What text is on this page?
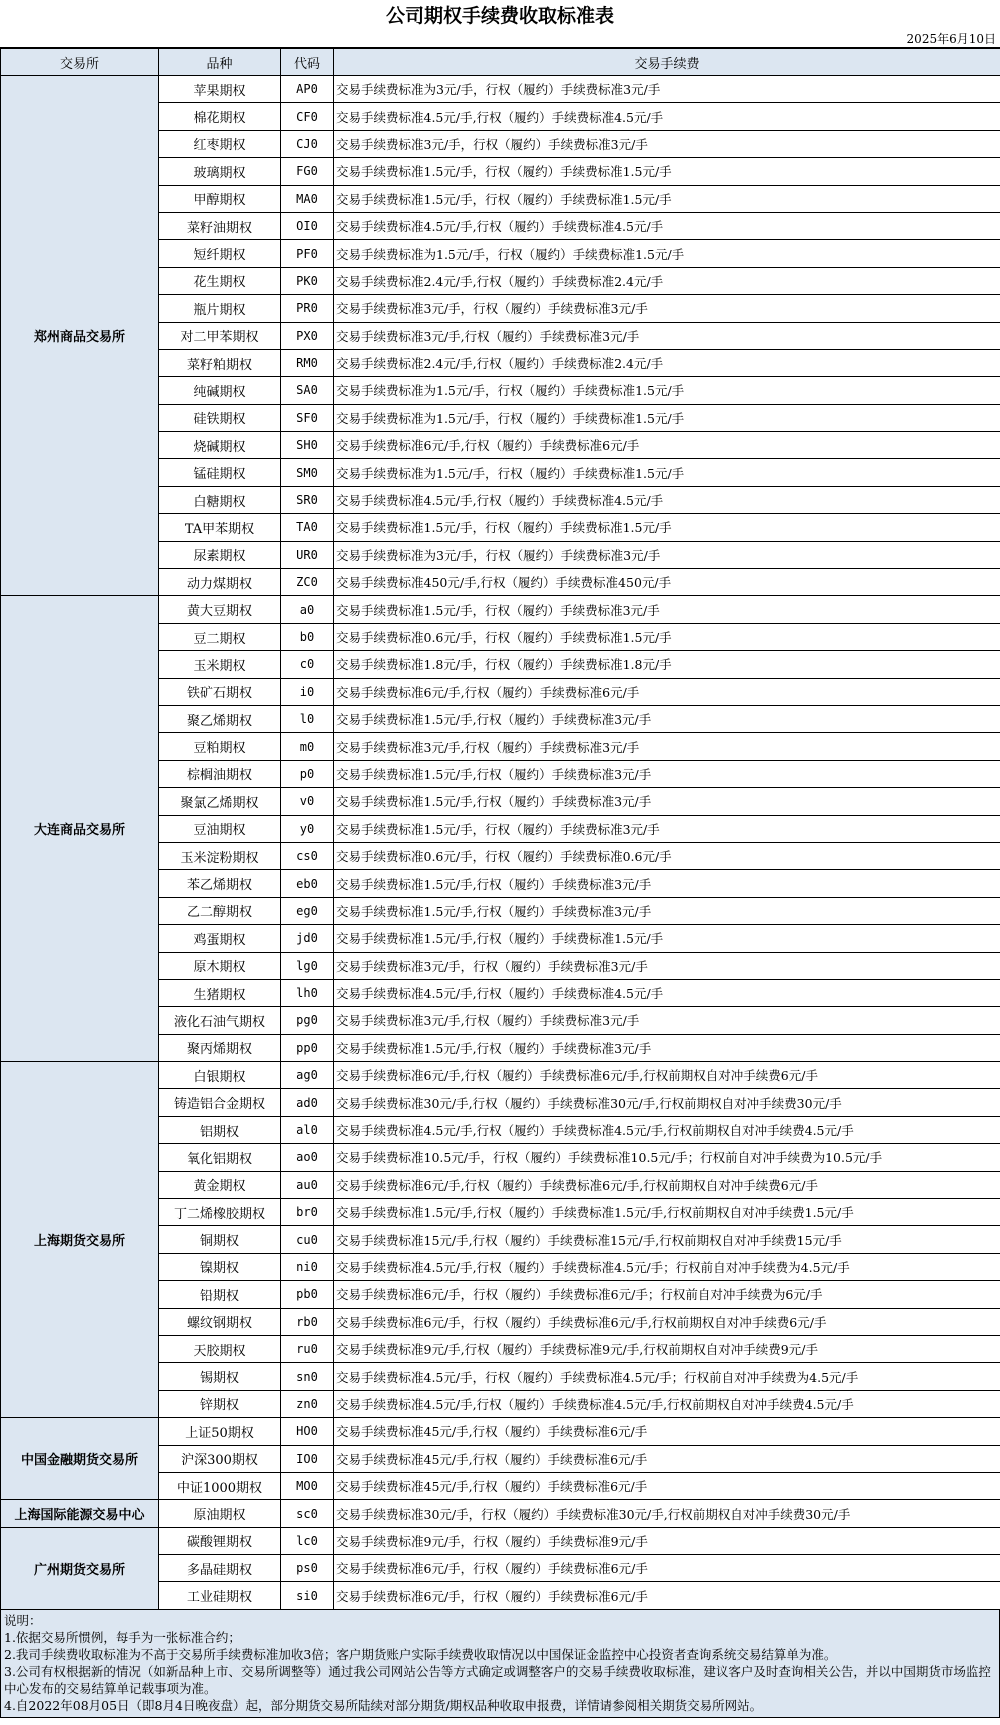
公司期权手续费收取标准表
2025年6月10日
交易所	品种	代码	交易手续费
郑州商品交易所	苹果期权	AP0	交易手续费标准为3元/手，行权（履约）手续费标准3元/手
	棉花期权	CF0	交易手续费标准4.5元/手,行权（履约）手续费标准4.5元/手
	红枣期权	CJ0	交易手续费标准3元/手，行权（履约）手续费标准3元/手
	玻璃期权	FG0	交易手续费标准1.5元/手，行权（履约）手续费标准1.5元/手
	甲醇期权	MA0	交易手续费标准1.5元/手，行权（履约）手续费标准1.5元/手
	菜籽油期权	OI0	交易手续费标准4.5元/手,行权（履约）手续费标准4.5元/手
	短纤期权	PF0	交易手续费标准为1.5元/手，行权（履约）手续费标准1.5元/手
	花生期权	PK0	交易手续费标准2.4元/手,行权（履约）手续费标准2.4元/手
	瓶片期权	PR0	交易手续费标准3元/手，行权（履约）手续费标准3元/手
	对二甲苯期权	PX0	交易手续费标准3元/手,行权（履约）手续费标准3元/手
	菜籽粕期权	RM0	交易手续费标准2.4元/手,行权（履约）手续费标准2.4元/手
	纯碱期权	SA0	交易手续费标准为1.5元/手，行权（履约）手续费标准1.5元/手
	硅铁期权	SF0	交易手续费标准为1.5元/手，行权（履约）手续费标准1.5元/手
	烧碱期权	SH0	交易手续费标准6元/手,行权（履约）手续费标准6元/手
	锰硅期权	SM0	交易手续费标准为1.5元/手，行权（履约）手续费标准1.5元/手
	白糖期权	SR0	交易手续费标准4.5元/手,行权（履约）手续费标准4.5元/手
	TA甲苯期权	TA0	交易手续费标准1.5元/手，行权（履约）手续费标准1.5元/手
	尿素期权	UR0	交易手续费标准为3元/手，行权（履约）手续费标准3元/手
	动力煤期权	ZC0	交易手续费标准450元/手,行权（履约）手续费标准450元/手
大连商品交易所	黄大豆期权	a0	交易手续费标准1.5元/手，行权（履约）手续费标准3元/手
	豆二期权	b0	交易手续费标准0.6元/手，行权（履约）手续费标准1.5元/手
	玉米期权	c0	交易手续费标准1.8元/手，行权（履约）手续费标准1.8元/手
	铁矿石期权	i0	交易手续费标准6元/手,行权（履约）手续费标准6元/手
	聚乙烯期权	l0	交易手续费标准1.5元/手,行权（履约）手续费标准3元/手
	豆粕期权	m0	交易手续费标准3元/手,行权（履约）手续费标准3元/手
	棕榈油期权	p0	交易手续费标准1.5元/手,行权（履约）手续费标准3元/手
	聚氯乙烯期权	v0	交易手续费标准1.5元/手,行权（履约）手续费标准3元/手
	豆油期权	y0	交易手续费标准1.5元/手，行权（履约）手续费标准3元/手
	玉米淀粉期权	cs0	交易手续费标准0.6元/手，行权（履约）手续费标准0.6元/手
	苯乙烯期权	eb0	交易手续费标准1.5元/手,行权（履约）手续费标准3元/手
	乙二醇期权	eg0	交易手续费标准1.5元/手,行权（履约）手续费标准3元/手
	鸡蛋期权	jd0	交易手续费标准1.5元/手,行权（履约）手续费标准1.5元/手
	原木期权	lg0	交易手续费标准3元/手，行权（履约）手续费标准3元/手
	生猪期权	lh0	交易手续费标准4.5元/手,行权（履约）手续费标准4.5元/手
	液化石油气期权	pg0	交易手续费标准3元/手,行权（履约）手续费标准3元/手
	聚丙烯期权	pp0	交易手续费标准1.5元/手,行权（履约）手续费标准3元/手
上海期货交易所	白银期权	ag0	交易手续费标准6元/手,行权（履约）手续费标准6元/手,行权前期权自对冲手续费6元/手
	铸造铝合金期权	ad0	交易手续费标准30元/手,行权（履约）手续费标准30元/手,行权前期权自对冲手续费30元/手
	铝期权	al0	交易手续费标准4.5元/手,行权（履约）手续费标准4.5元/手,行权前期权自对冲手续费4.5元/手
	氧化铝期权	ao0	交易手续费标准10.5元/手，行权（履约）手续费标准10.5元/手；行权前自对冲手续费为10.5元/手
	黄金期权	au0	交易手续费标准6元/手,行权（履约）手续费标准6元/手,行权前期权自对冲手续费6元/手
	丁二烯橡胶期权	br0	交易手续费标准1.5元/手,行权（履约）手续费标准1.5元/手,行权前期权自对冲手续费1.5元/手
	铜期权	cu0	交易手续费标准15元/手,行权（履约）手续费标准15元/手,行权前期权自对冲手续费15元/手
	镍期权	ni0	交易手续费标准4.5元/手,行权（履约）手续费标准4.5元/手；行权前自对冲手续费为4.5元/手
	铅期权	pb0	交易手续费标准6元/手，行权（履约）手续费标准6元/手；行权前自对冲手续费为6元/手
	螺纹钢期权	rb0	交易手续费标准6元/手，行权（履约）手续费标准6元/手,行权前期权自对冲手续费6元/手
	天胶期权	ru0	交易手续费标准9元/手,行权（履约）手续费标准9元/手,行权前期权自对冲手续费9元/手
	锡期权	sn0	交易手续费标准4.5元/手，行权（履约）手续费标准4.5元/手；行权前自对冲手续费为4.5元/手
	锌期权	zn0	交易手续费标准4.5元/手,行权（履约）手续费标准4.5元/手,行权前期权自对冲手续费4.5元/手
中国金融期货交易所	上证50期权	HO0	交易手续费标准45元/手,行权（履约）手续费标准6元/手
	沪深300期权	IO0	交易手续费标准45元/手,行权（履约）手续费标准6元/手
	中证1000期权	MO0	交易手续费标准45元/手,行权（履约）手续费标准6元/手
上海国际能源交易中心	原油期权	sc0	交易手续费标准30元/手，行权（履约）手续费标准30元/手,行权前期权自对冲手续费30元/手
广州期货交易所	碳酸锂期权	lc0	交易手续费标准9元/手，行权（履约）手续费标准9元/手
	多晶硅期权	ps0	交易手续费标准6元/手，行权（履约）手续费标准6元/手
	工业硅期权	si0	交易手续费标准6元/手，行权（履约）手续费标准6元/手
说明：
1.依据交易所惯例，每手为一张标准合约；
2.我司手续费收取标准为不高于交易所手续费标准加收3倍；客户期货账户实际手续费收取情况以中国保证金监控中心投资者查询系统交易结算单为准。
3.公司有权根据新的情况（如新品种上市、交易所调整等）通过我公司网站公告等方式确定或调整客户的交易手续费收取标准，建议客户及时查询相关公告，并以中国期货市场监控中心发布的交易结算单记载事项为准。
4.自2022年08月05日（即8月4日晚夜盘）起，部分期货交易所陆续对部分期货/期权品种收取申报费，详情请参阅相关期货交易所网站。
